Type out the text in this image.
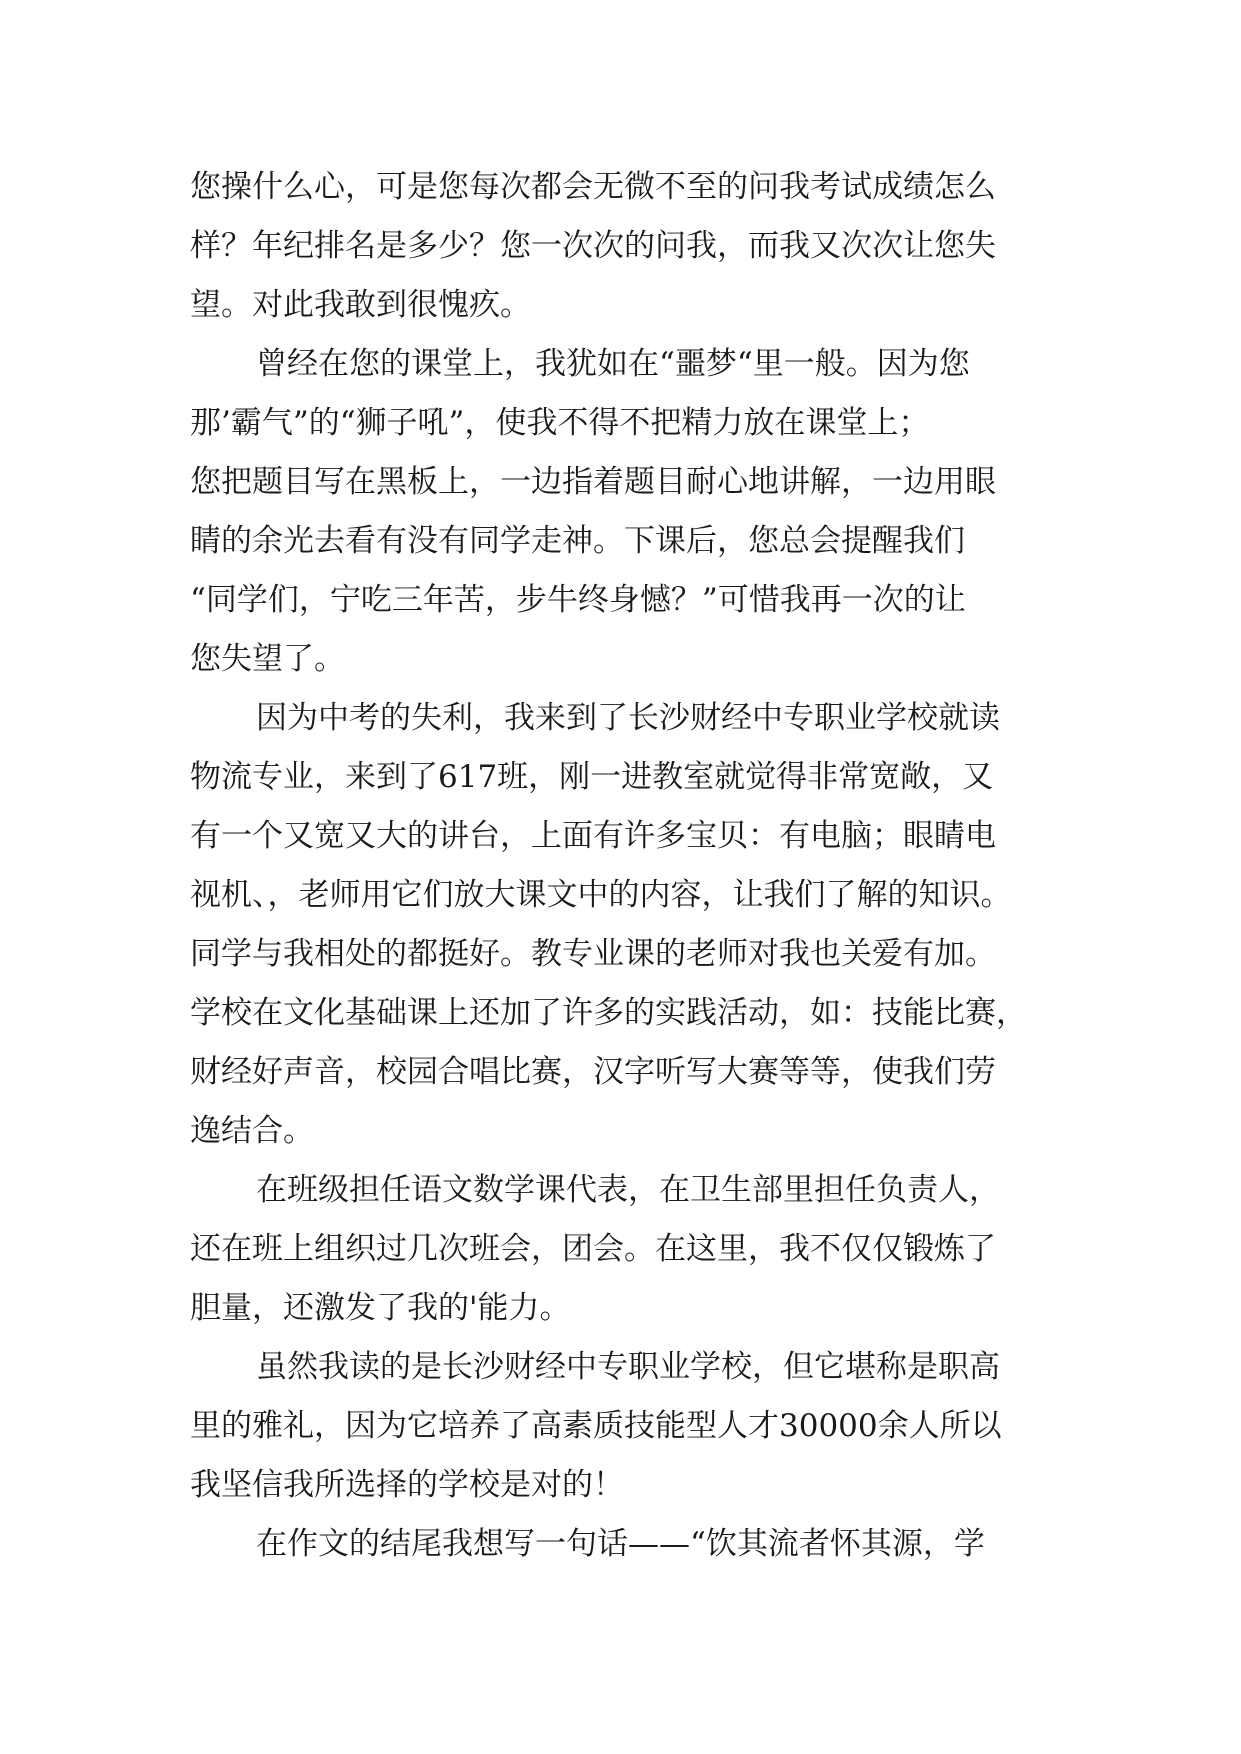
您操什么心，可是您每次都会无微不至的问我考试成绩怎么
样？年纪排名是多少？您一次次的问我，而我又次次让您失
望。对此我敢到很愧疚。
曾经在您的课堂上，我犹如在“噩梦“里一般。因为您
那’霸气”的“狮子吼”，使我不得不把精力放在课堂上；
您把题目写在黑板上，一边指着题目耐心地讲解，一边用眼
睛的余光去看有没有同学走神。下课后，您总会提醒我们
“同学们，宁吃三年苦，步牛终身憾？”可惜我再一次的让
您失望了。
因为中考的失利，我来到了长沙财经中专职业学校就读
物流专业，来到了617班，刚一进教室就觉得非常宽敞，又
有一个又宽又大的讲台，上面有许多宝贝：有电脑；眼睛电
视机、，老师用它们放大课文中的内容，让我们了解的知识。
同学与我相处的都挺好。教专业课的老师对我也关爱有加。
学校在文化基础课上还加了许多的实践活动，如：技能比赛，
财经好声音，校园合唱比赛，汉字听写大赛等等，使我们劳
逸结合。
在班级担任语文数学课代表，在卫生部里担任负责人，
还在班上组织过几次班会，团会。在这里，我不仅仅锻炼了
胆量，还激发了我的'能力。
虽然我读的是长沙财经中专职业学校，但它堪称是职高
里的雅礼，因为它培养了高素质技能型人才30000余人所以
我坚信我所选择的学校是对的！
在作文的结尾我想写一句话——“饮其流者怀其源，学
